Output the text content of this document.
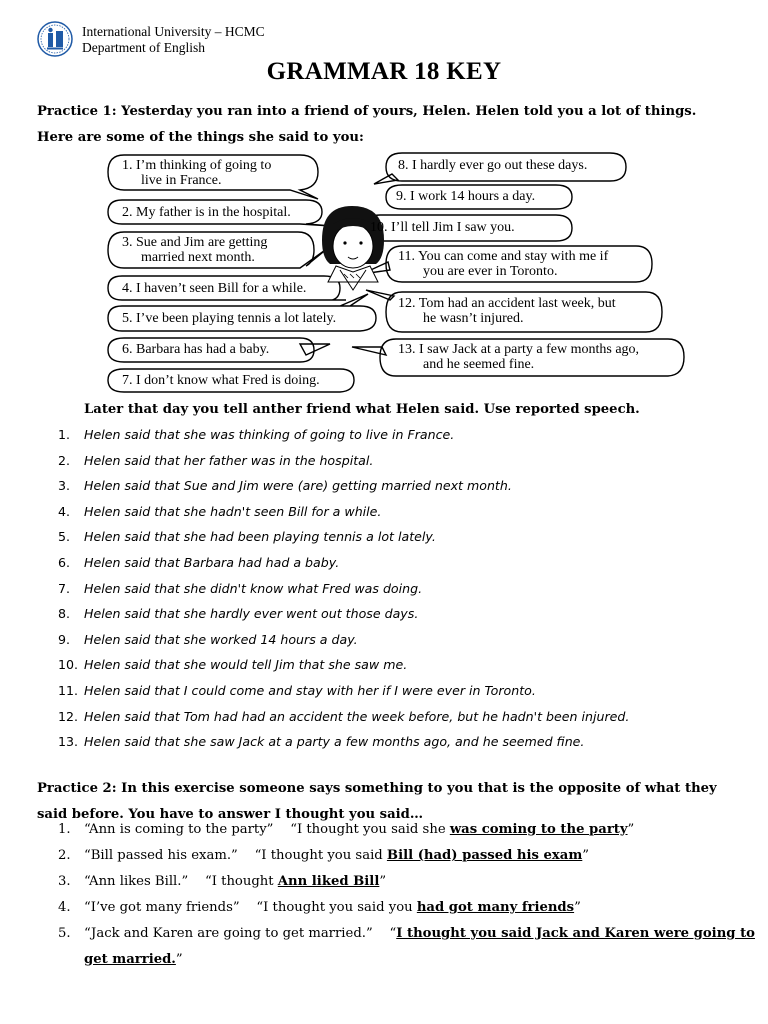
International University – HCMC
Department of English
GRAMMAR 18 KEY
Practice 1: Yesterday you ran into a friend of yours, Helen. Helen told you a lot of things. Here are some of the things she said to you:
1. I’m thinking of going to
live in France.
2. My father is in the hospital.
3. Sue and Jim are getting
married next month.
4. I haven’t seen Bill for a while.
5. I’ve been playing tennis a lot lately.
6. Barbara has had a baby.
7. I don’t know what Fred is doing.
8. I hardly ever go out these days.
9. I work 14 hours a day.
10. I’ll tell Jim I saw you.
11. You can come and stay with me if
you are ever in Toronto.
12. Tom had an accident last week, but
he wasn’t injured.
13. I saw Jack at a party a few months ago,
and he seemed fine.
Later that day you tell anther friend what Helen said. Use reported speech.
1.	Helen said that she was thinking of going to live in France.
2.	Helen said that her father was in the hospital.
3.	Helen said that Sue and Jim were (are) getting married next month.
4.	Helen said that she hadn't seen Bill for a while.
5.	Helen said that she had been playing tennis a lot lately.
6.	Helen said that Barbara had had a baby.
7.	Helen said that she didn't know what Fred was doing.
8.	Helen said that she hardly ever went out those days.
9.	Helen said that she worked 14 hours a day.
10. Helen said that she would tell Jim that she saw me.
11. Helen said that I could come and stay with her if I were ever in Toronto.
12. Helen said that Tom had had an accident the week before, but he hadn't been injured.
13. Helen said that she saw Jack at a party a few months ago, and he seemed fine.
Practice 2: In this exercise someone says something to you that is the opposite of what they said before. You have to answer I thought you said…
1. “Ann is coming to the party” “I thought you said she was coming to the party”
2. “Bill passed his exam.” “I thought you said Bill (had) passed his exam”
3. “Ann likes Bill.” “I thought Ann liked Bill”
4. “I’ve got many friends” “I thought you said you had got many friends”
5. “Jack and Karen are going to get married.” “I thought you said Jack and Karen were going to
get married.”
